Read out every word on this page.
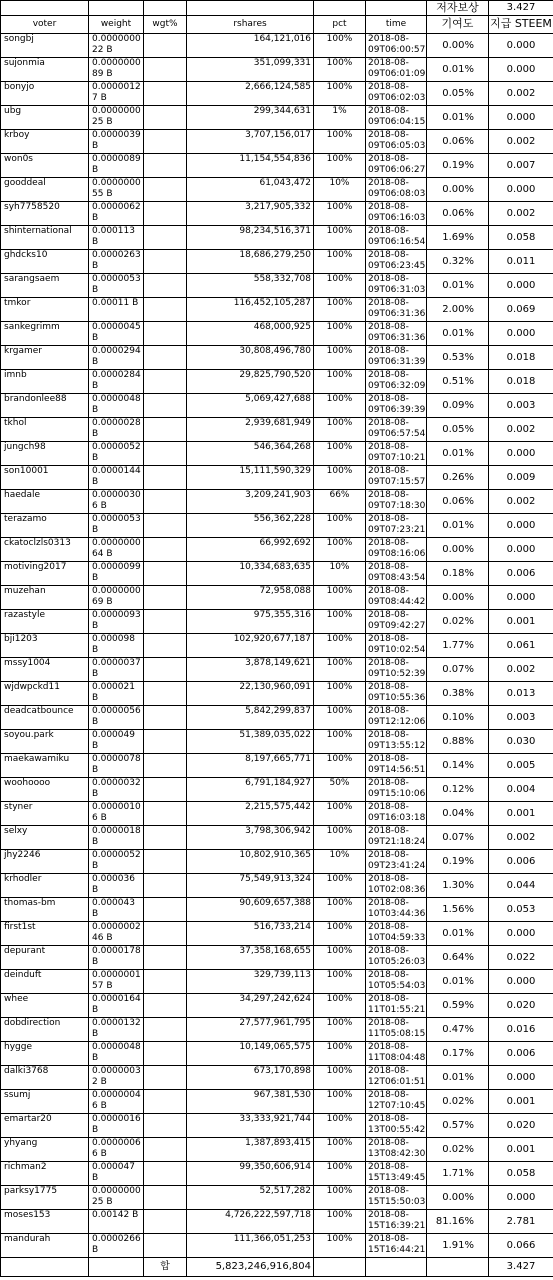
						저자보상	3.427
voter	weight	wgt%	rshares	pct	time	기여도	지급 STEEM
songbj	0.000000022 B		164,121,016	100%	2018-08-09T06:00:57	0.00%	0.000
sujonmia	0.000000089 B		351,099,331	100%	2018-08-09T06:01:09	0.01%	0.000
bonyjo	0.00000127 B		2,666,124,585	100%	2018-08-09T06:02:03	0.05%	0.002
ubg	0.000000025 B		299,344,631	1%	2018-08-09T06:04:15	0.01%	0.000
krboy	0.0000039 B		3,707,156,017	100%	2018-08-09T06:05:03	0.06%	0.002
won0s	0.0000089 B		11,154,554,836	100%	2018-08-09T06:06:27	0.19%	0.007
gooddeal	0.000000055 B		61,043,472	10%	2018-08-09T06:08:03	0.00%	0.000
syh7758520	0.0000062 B		3,217,905,332	100%	2018-08-09T06:16:03	0.06%	0.002
shinternational	0.000113 B		98,234,516,371	100%	2018-08-09T06:16:54	1.69%	0.058
ghdcks10	0.0000263 B		18,686,279,250	100%	2018-08-09T06:23:45	0.32%	0.011
sarangsaem	0.0000053 B		558,332,708	100%	2018-08-09T06:31:03	0.01%	0.000
tmkor	0.00011 B		116,452,105,287	100%	2018-08-09T06:31:36	2.00%	0.069
sankegrimm	0.0000045 B		468,000,925	100%	2018-08-09T06:31:36	0.01%	0.000
krgamer	0.0000294 B		30,808,496,780	100%	2018-08-09T06:31:39	0.53%	0.018
imnb	0.0000284 B		29,825,790,520	100%	2018-08-09T06:32:09	0.51%	0.018
brandonlee88	0.0000048 B		5,069,427,688	100%	2018-08-09T06:39:39	0.09%	0.003
tkhol	0.0000028 B		2,939,681,949	100%	2018-08-09T06:57:54	0.05%	0.002
jungch98	0.0000052 B		546,364,268	100%	2018-08-09T07:10:21	0.01%	0.000
son10001	0.0000144 B		15,111,590,329	100%	2018-08-09T07:15:57	0.26%	0.009
haedale	0.00000306 B		3,209,241,903	66%	2018-08-09T07:18:30	0.06%	0.002
terazamo	0.0000053 B		556,362,228	100%	2018-08-09T07:23:21	0.01%	0.000
ckatoclzls0313	0.000000064 B		66,992,692	100%	2018-08-09T08:16:06	0.00%	0.000
motiving2017	0.0000099 B		10,334,683,635	10%	2018-08-09T08:43:54	0.18%	0.006
muzehan	0.000000069 B		72,958,088	100%	2018-08-09T08:44:42	0.00%	0.000
razastyle	0.0000093 B		975,355,316	100%	2018-08-09T09:42:27	0.02%	0.001
bji1203	0.000098 B		102,920,677,187	100%	2018-08-09T10:02:54	1.77%	0.061
mssy1004	0.0000037 B		3,878,149,621	100%	2018-08-09T10:52:39	0.07%	0.002
wjdwpckd11	0.000021 B		22,130,960,091	100%	2018-08-09T10:55:36	0.38%	0.013
deadcatbounce	0.0000056 B		5,842,299,837	100%	2018-08-09T12:12:06	0.10%	0.003
soyou.park	0.000049 B		51,389,035,022	100%	2018-08-09T13:55:12	0.88%	0.030
maekawamiku	0.0000078 B		8,197,665,771	100%	2018-08-09T14:56:51	0.14%	0.005
woohoooo	0.0000032 B		6,791,184,927	50%	2018-08-09T15:10:06	0.12%	0.004
styner	0.00000106 B		2,215,575,442	100%	2018-08-09T16:03:18	0.04%	0.001
selxy	0.0000018 B		3,798,306,942	100%	2018-08-09T21:18:24	0.07%	0.002
jhy2246	0.0000052 B		10,802,910,365	10%	2018-08-09T23:41:24	0.19%	0.006
krhodler	0.000036 B		75,549,913,324	100%	2018-08-10T02:08:36	1.30%	0.044
thomas-bm	0.000043 B		90,609,657,388	100%	2018-08-10T03:44:36	1.56%	0.053
first1st	0.000000246 B		516,733,214	100%	2018-08-10T04:59:33	0.01%	0.000
depurant	0.0000178 B		37,358,168,655	100%	2018-08-10T05:26:03	0.64%	0.022
deinduft	0.000000157 B		329,739,113	100%	2018-08-10T05:54:03	0.01%	0.000
whee	0.0000164 B		34,297,242,624	100%	2018-08-11T01:55:21	0.59%	0.020
dobdirection	0.0000132 B		27,577,961,795	100%	2018-08-11T05:08:15	0.47%	0.016
hygge	0.0000048 B		10,149,065,575	100%	2018-08-11T08:04:48	0.17%	0.006
dalki3768	0.00000032 B		673,170,898	100%	2018-08-12T06:01:51	0.01%	0.000
ssumj	0.00000046 B		967,381,530	100%	2018-08-12T07:10:45	0.02%	0.001
emartar20	0.0000016 B		33,333,921,744	100%	2018-08-13T00:55:42	0.57%	0.020
yhyang	0.00000066 B		1,387,893,415	100%	2018-08-13T08:42:30	0.02%	0.001
richman2	0.000047 B		99,350,606,914	100%	2018-08-15T13:49:45	1.71%	0.058
parksy1775	0.000000025 B		52,517,282	100%	2018-08-15T15:50:03	0.00%	0.000
moses153	0.00142 B		4,726,222,597,718	100%	2018-08-15T16:39:21	81.16%	2.781
mandurah	0.0000266 B		111,366,051,253	100%	2018-08-15T16:44:21	1.91%	0.066
		합	5,823,246,916,804				3.427
